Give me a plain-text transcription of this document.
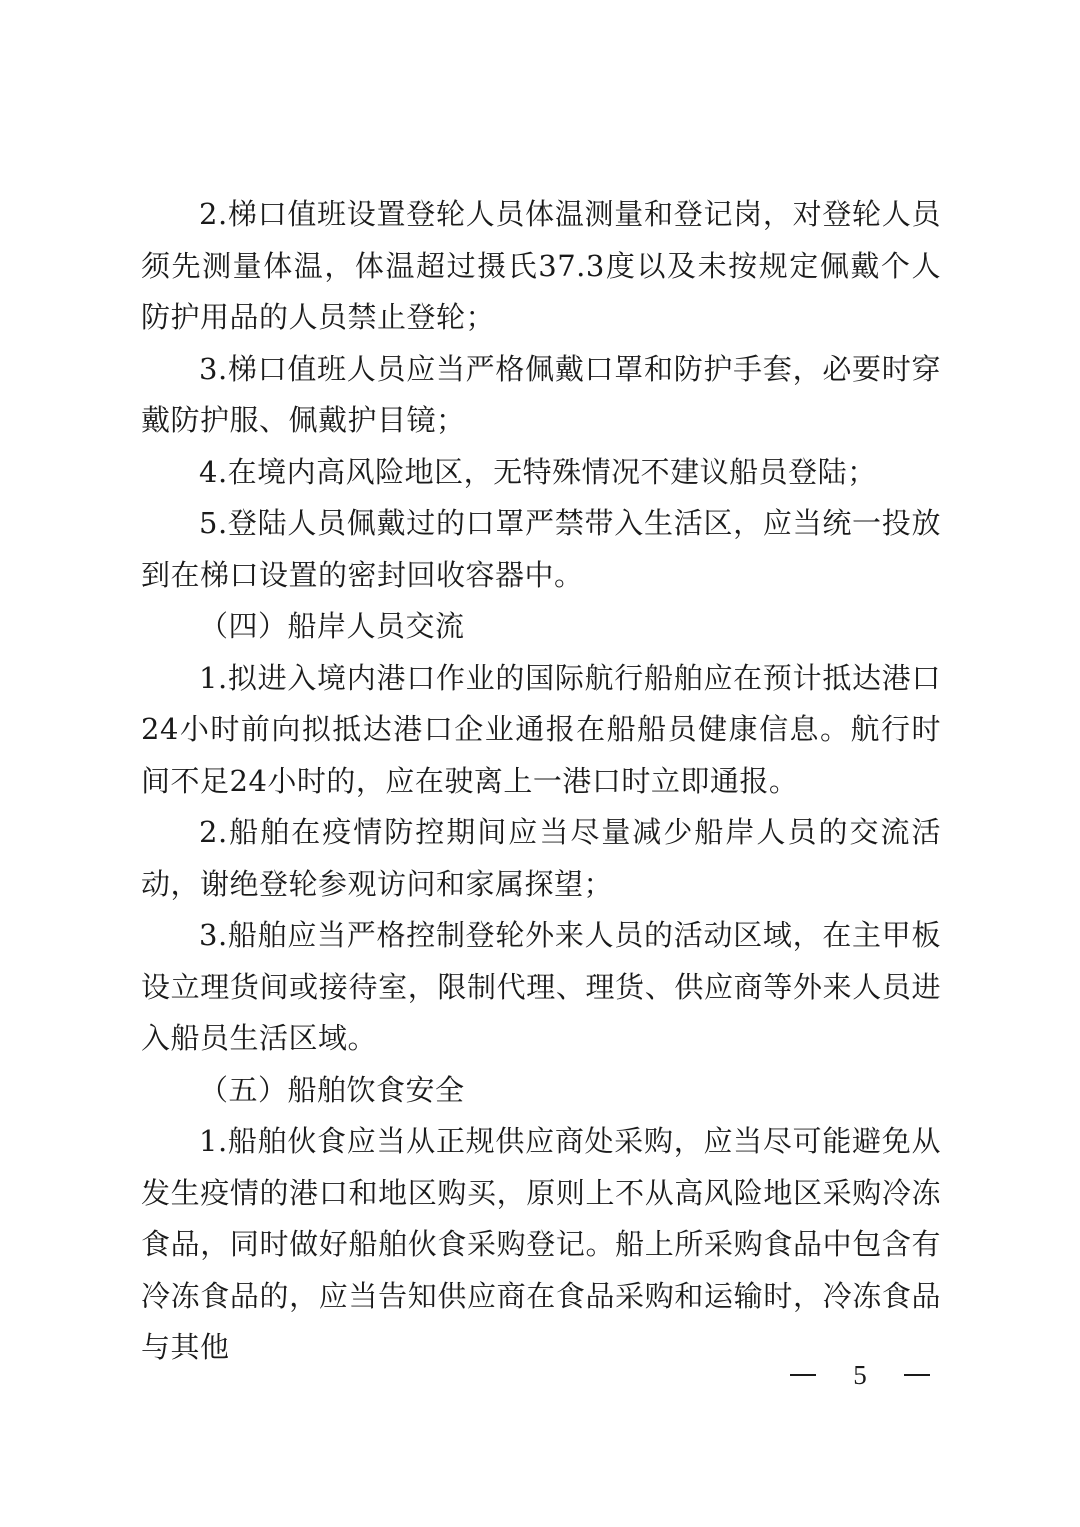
2.梯口值班设置登轮人员体温测量和登记岗，对登轮人员须先测量体温，体温超过摄氏37.3度以及未按规定佩戴个人防护用品的人员禁止登轮；

3.梯口值班人员应当严格佩戴口罩和防护手套，必要时穿戴防护服、佩戴护目镜；

4.在境内高风险地区，无特殊情况不建议船员登陆；

5.登陆人员佩戴过的口罩严禁带入生活区，应当统一投放到在梯口设置的密封回收容器中。

（四）船岸人员交流

1.拟进入境内港口作业的国际航行船舶应在预计抵达港口24小时前向拟抵达港口企业通报在船船员健康信息。航行时间不足24小时的，应在驶离上一港口时立即通报。

2.船舶在疫情防控期间应当尽量减少船岸人员的交流活动，谢绝登轮参观访问和家属探望；

3.船舶应当严格控制登轮外来人员的活动区域，在主甲板设立理货间或接待室，限制代理、理货、供应商等外来人员进入船员生活区域。

（五）船舶饮食安全

1.船舶伙食应当从正规供应商处采购，应当尽可能避免从发生疫情的港口和地区购买，原则上不从高风险地区采购冷冻食品，同时做好船舶伙食采购登记。船上所采购食品中包含有冷冻食品的，应当告知供应商在食品采购和运输时，冷冻食品与其他

5
